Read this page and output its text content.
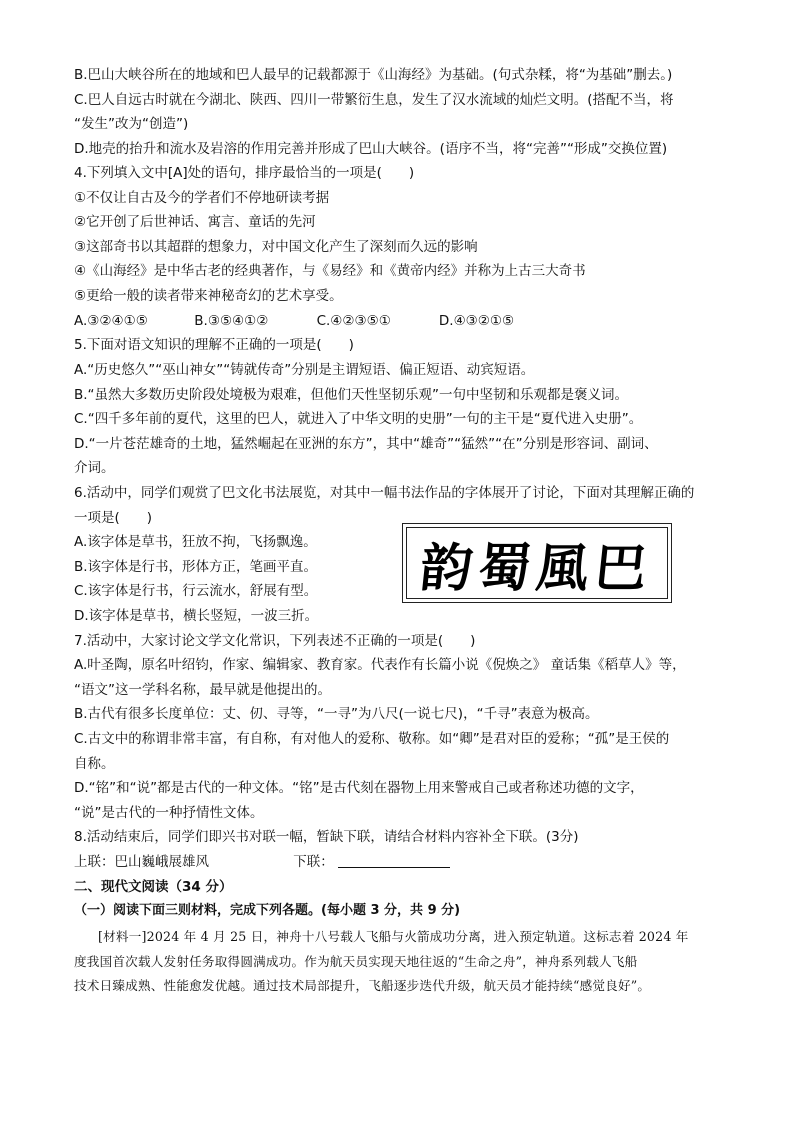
B.巴山大峡谷所在的地域和巴人最早的记载都源于《山海经》为基础。(句式杂糅，将“为基础”删去。)
C.巴人自远古时就在今湖北、陕西、四川一带繁衍生息，发生了汉水流域的灿烂文明。(搭配不当，将
“发生”改为“创造”)
D.地壳的抬升和流水及岩溶的作用完善并形成了巴山大峡谷。(语序不当，将“完善”“形成”交换位置)
4.下列填入文中[A]处的语句，排序最恰当的一项是(　　)
①不仅让自古及今的学者们不停地研读考据
②它开创了后世神话、寓言、童话的先河
③这部奇书以其超群的想象力，对中国文化产生了深刻而久远的影响
④《山海经》是中华古老的经典著作，与《易经》和《黄帝内经》并称为上古三大奇书
⑤更给一般的读者带来神秘奇幻的艺术享受。
A.③②④①⑤	B.③⑤④①②	C.④②③⑤①	D.④③②①⑤
5.下面对语文知识的理解不正确的一项是(　　)
A.“历史悠久”“巫山神女”“铸就传奇”分别是主谓短语、偏正短语、动宾短语。
B.“虽然大多数历史阶段处境极为艰难，但他们天性坚韧乐观”一句中坚韧和乐观都是褒义词。
C.“四千多年前的夏代，这里的巴人，就进入了中华文明的史册”一句的主干是“夏代进入史册”。
D.“一片苍茫雄奇的土地，猛然崛起在亚洲的东方”，其中“雄奇”“猛然”“在”分别是形容词、副词、
介词。
6.活动中，同学们观赏了巴文化书法展览，对其中一幅书法作品的字体展开了讨论，下面对其理解正确的
一项是(　　)
A.该字体是草书，狂放不拘，飞扬飘逸。
B.该字体是行书，形体方正，笔画平直。
C.该字体是行书，行云流水，舒展有型。
D.该字体是草书，横长竖短，一波三折。
韵蜀風巴
7.活动中，大家讨论文学文化常识，下列表述不正确的一项是(　　)
A.叶圣陶，原名叶绍钧，作家、编辑家、教育家。代表作有长篇小说《倪焕之》 童话集《稻草人》等，
“语文”这一学科名称，最早就是他提出的。
B.古代有很多长度单位：丈、仞、寻等，“一寻”为八尺(一说七尺)，“千寻”表意为极高。
C.古文中的称谓非常丰富，有自称，有对他人的爱称、敬称。如“卿”是君对臣的爱称；“孤”是王侯的
自称。
D.“铭”和“说”都是古代的一种文体。“铭”是古代刻在器物上用来警戒自己或者称述功德的文字，
“说”是古代的一种抒情性文体。
8.活动结束后，同学们即兴书对联一幅，暂缺下联，请结合材料内容补全下联。(3分)
上联：巴山巍峨展雄风	下联：
二、现代文阅读（34 分）
（一）阅读下面三则材料，完成下列各题。(每小题 3 分，共 9 分)
[材料一]2024 年 4 月 25 日，神舟十八号载人飞船与火箭成功分离，进入预定轨道。这标志着 2024 年
度我国首次载人发射任务取得圆满成功。作为航天员实现天地往返的“生命之舟”，神舟系列载人飞船
技术日臻成熟、性能愈发优越。通过技术局部提升，飞船逐步迭代升级，航天员才能持续“感觉良好”。
